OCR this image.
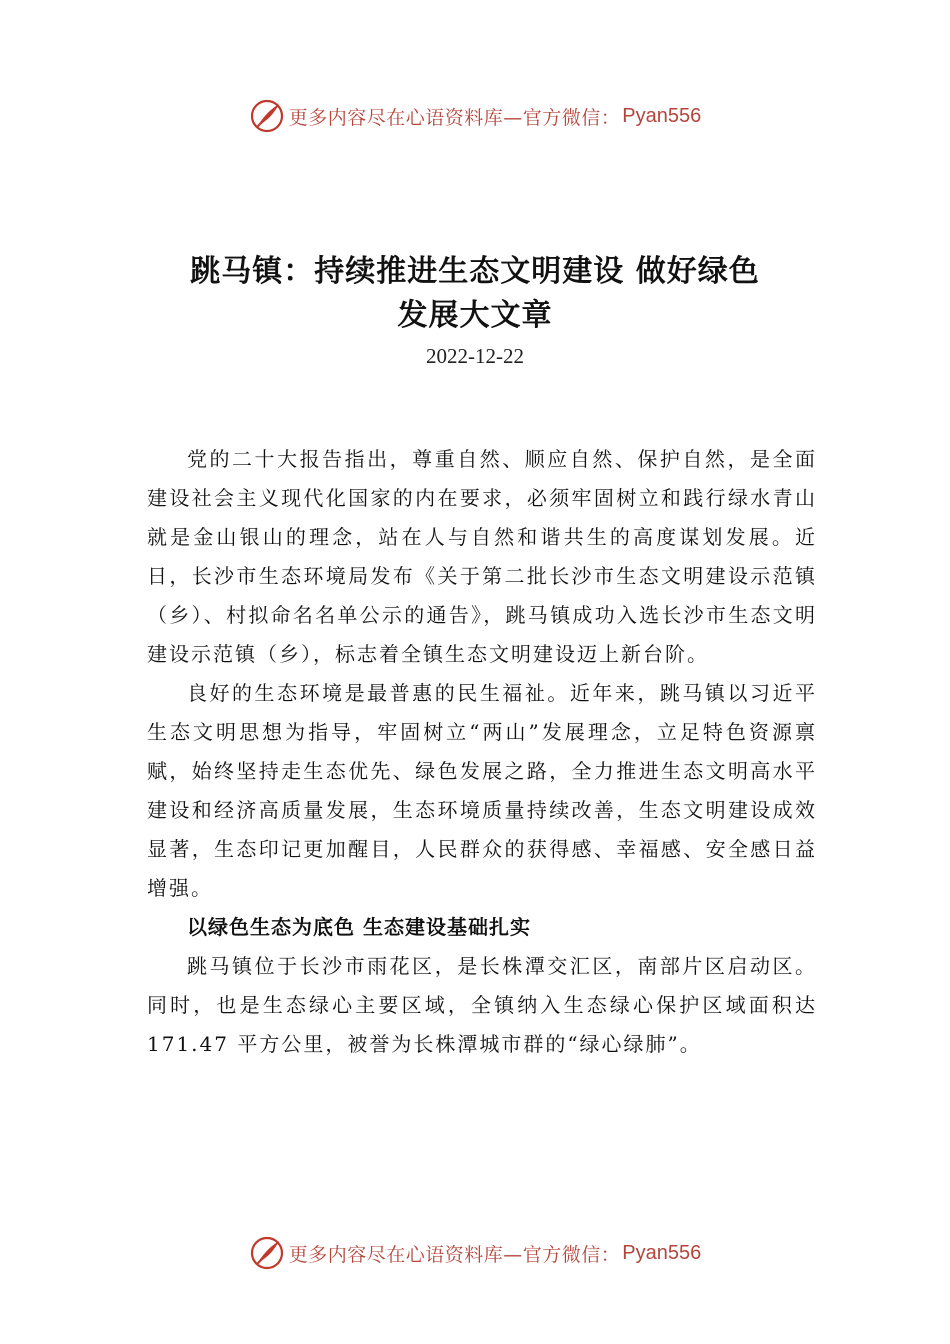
更多内容尽在心语资料库—官方微信： Pyan556
跳马镇：持续推进生态文明建设 做好绿色
发展大文章
2022-12-22

党的二十大报告指出，尊重自然、顺应自然、保护自然，是全面建设社会主义现代化国家的内在要求，必须牢固树立和践行绿水青山就是金山银山的理念，站在人与自然和谐共生的高度谋划发展。近日，长沙市生态环境局发布《关于第二批长沙市生态文明建设示范镇（乡）、村拟命名名单公示的通告》，跳马镇成功入选长沙市生态文明建设示范镇（乡），标志着全镇生态文明建设迈上新台阶。

良好的生态环境是最普惠的民生福祉。近年来，跳马镇以习近平生态文明思想为指导，牢固树立“两山”发展理念，立足特色资源禀赋，始终坚持走生态优先、绿色发展之路，全力推进生态文明高水平建设和经济高质量发展，生态环境质量持续改善，生态文明建设成效显著，生态印记更加醒目，人民群众的获得感、幸福感、安全感日益增强。

以绿色生态为底色 生态建设基础扎实

跳马镇位于长沙市雨花区，是长株潭交汇区，南部片区启动区。同时，也是生态绿心主要区域，全镇纳入生态绿心保护区域面积达 171.47 平方公里，被誉为长株潭城市群的“绿心绿肺”。

更多内容尽在心语资料库—官方微信： Pyan556
